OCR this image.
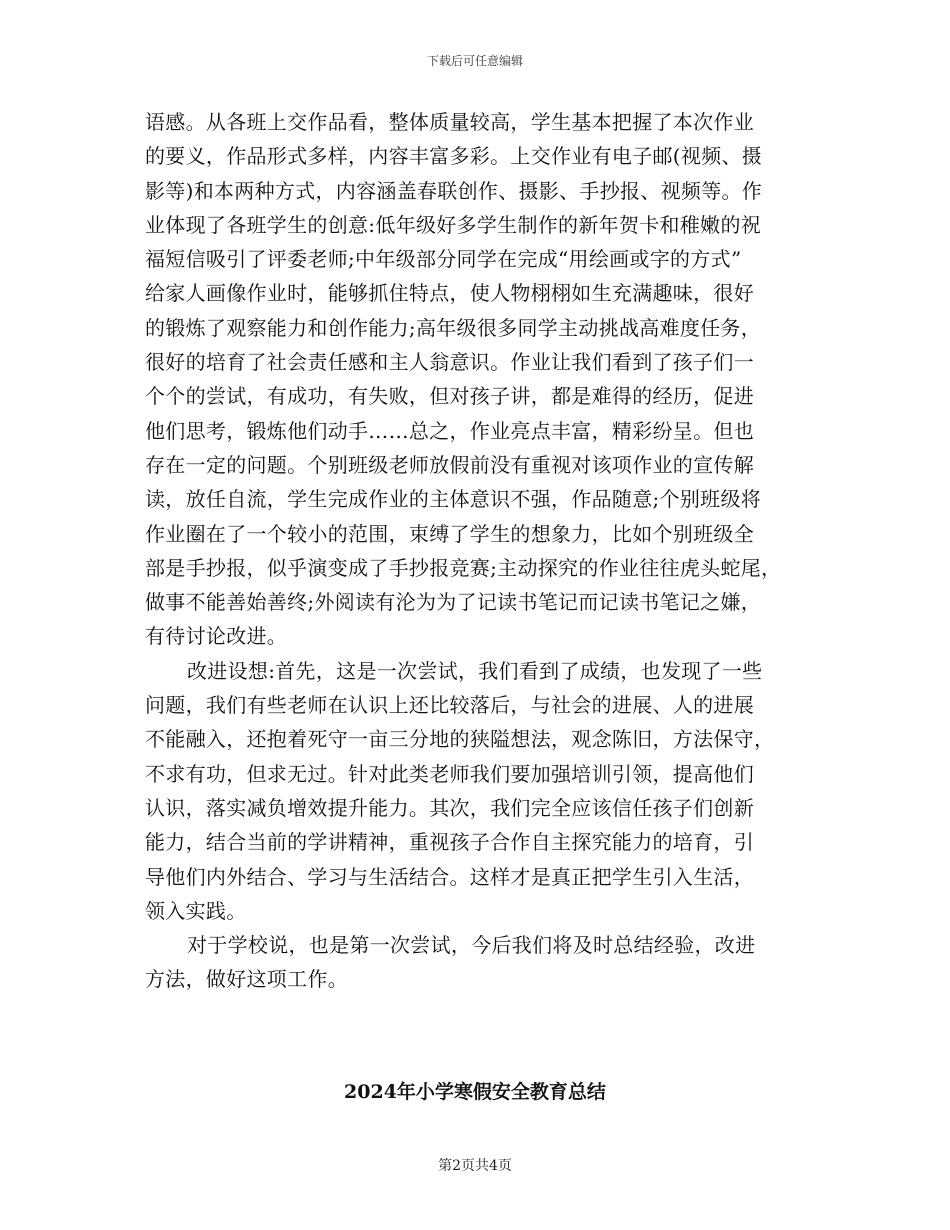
下载后可任意编辑
语感。从各班上交作品看，整体质量较高，学生基本把握了本次作业
的要义，作品形式多样，内容丰富多彩。上交作业有电子邮(视频、摄
影等)和本两种方式，内容涵盖春联创作、摄影、手抄报、视频等。作
业体现了各班学生的创意:低年级好多学生制作的新年贺卡和稚嫩的祝
福短信吸引了评委老师;中年级部分同学在完成“用绘画或字的方式”
给家人画像作业时，能够抓住特点，使人物栩栩如生充满趣味，很好
的锻炼了观察能力和创作能力;高年级很多同学主动挑战高难度任务，
很好的培育了社会责任感和主人翁意识。作业让我们看到了孩子们一
个个的尝试，有成功，有失败，但对孩子讲，都是难得的经历，促进
他们思考，锻炼他们动手……总之，作业亮点丰富，精彩纷呈。但也
存在一定的问题。个别班级老师放假前没有重视对该项作业的宣传解
读，放任自流，学生完成作业的主体意识不强，作品随意;个别班级将
作业圈在了一个较小的范围，束缚了学生的想象力，比如个别班级全
部是手抄报，似乎演变成了手抄报竞赛;主动探究的作业往往虎头蛇尾，
做事不能善始善终;外阅读有沦为为了记读书笔记而记读书笔记之嫌，
有待讨论改进。
改进设想:首先，这是一次尝试，我们看到了成绩，也发现了一些
问题，我们有些老师在认识上还比较落后，与社会的进展、人的进展
不能融入，还抱着死守一亩三分地的狭隘想法，观念陈旧，方法保守，
不求有功，但求无过。针对此类老师我们要加强培训引领，提高他们
认识，落实减负增效提升能力。其次，我们完全应该信任孩子们创新
能力，结合当前的学讲精神，重视孩子合作自主探究能力的培育，引
导他们内外结合、学习与生活结合。这样才是真正把学生引入生活，
领入实践。
对于学校说，也是第一次尝试，今后我们将及时总结经验，改进
方法，做好这项工作。
2024年小学寒假安全教育总结
第2页共4页
